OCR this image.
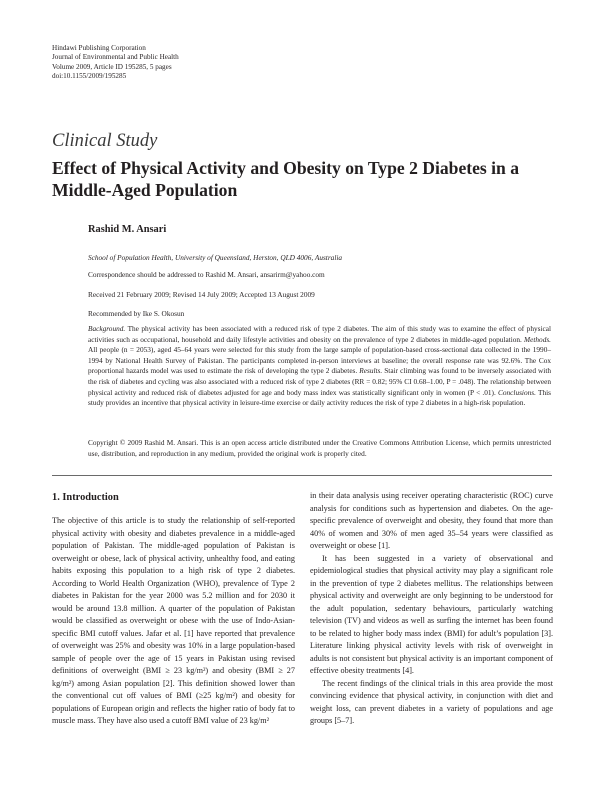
Hindawi Publishing Corporation
Journal of Environmental and Public Health
Volume 2009, Article ID 195285, 5 pages
doi:10.1155/2009/195285
Clinical Study
Effect of Physical Activity and Obesity on Type 2 Diabetes in a Middle-Aged Population
Rashid M. Ansari
School of Population Health, University of Queensland, Herston, QLD 4006, Australia
Correspondence should be addressed to Rashid M. Ansari, ansarirm@yahoo.com
Received 21 February 2009; Revised 14 July 2009; Accepted 13 August 2009
Recommended by Ike S. Okosun
Background. The physical activity has been associated with a reduced risk of type 2 diabetes. The aim of this study was to examine the effect of physical activities such as occupational, household and daily lifestyle activities and obesity on the prevalence of type 2 diabetes in middle-aged population. Methods. All people (n = 2053), aged 45–64 years were selected for this study from the large sample of population-based cross-sectional data collected in the 1990–1994 by National Health Survey of Pakistan. The participants completed in-person interviews at baseline; the overall response rate was 92.6%. The Cox proportional hazards model was used to estimate the risk of developing the type 2 diabetes. Results. Stair climbing was found to be inversely associated with the risk of diabetes and cycling was also associated with a reduced risk of type 2 diabetes (RR = 0.82; 95% CI 0.68–1.00, P = .048). The relationship between physical activity and reduced risk of diabetes adjusted for age and body mass index was statistically significant only in women (P < .01). Conclusions. This study provides an incentive that physical activity in leisure-time exercise or daily activity reduces the risk of type 2 diabetes in a high-risk population.
Copyright © 2009 Rashid M. Ansari. This is an open access article distributed under the Creative Commons Attribution License, which permits unrestricted use, distribution, and reproduction in any medium, provided the original work is properly cited.
1. Introduction

The objective of this article is to study the relationship of self-reported physical activity with obesity and diabetes prevalence in a middle-aged population of Pakistan. The middle-aged population of Pakistan is overweight or obese, lack of physical activity, unhealthy food, and eating habits exposing this population to a high risk of type 2 diabetes. According to World Health Organization (WHO), prevalence of Type 2 diabetes in Pakistan for the year 2000 was 5.2 million and for 2030 it would be around 13.8 million. A quarter of the population of Pakistan would be classified as overweight or obese with the use of Indo-Asian-specific BMI cutoff values. Jafar et al. [1] have reported that prevalence of overweight was 25% and obesity was 10% in a large population-based sample of people over the age of 15 years in Pakistan using revised definitions of overweight (BMI ≥ 23 kg/m²) and obesity (BMI ≥ 27 kg/m²) among Asian population [2]. This definition showed lower than the conventional cut off values of BMI (≥25 kg/m²) and obesity for populations of European origin and reflects the higher ratio of body fat to muscle mass. They have also used a cutoff BMI value of 23 kg/m²

in their data analysis using receiver operating characteristic (ROC) curve analysis for conditions such as hypertension and diabetes. On the age-specific prevalence of overweight and obesity, they found that more than 40% of women and 30% of men aged 35–54 years were classified as overweight or obese [1].

It has been suggested in a variety of observational and epidemiological studies that physical activity may play a significant role in the prevention of type 2 diabetes mellitus. The relationships between physical activity and overweight are only beginning to be understood for the adult population, sedentary behaviours, particularly watching television (TV) and videos as well as surfing the internet has been found to be related to higher body mass index (BMI) for adult’s population [3]. Literature linking physical activity levels with risk of overweight in adults is not consistent but physical activity is an important component of effective obesity treatments [4].

The recent findings of the clinical trials in this area provide the most convincing evidence that physical activity, in conjunction with diet and weight loss, can prevent diabetes in a variety of populations and age groups [5–7].
